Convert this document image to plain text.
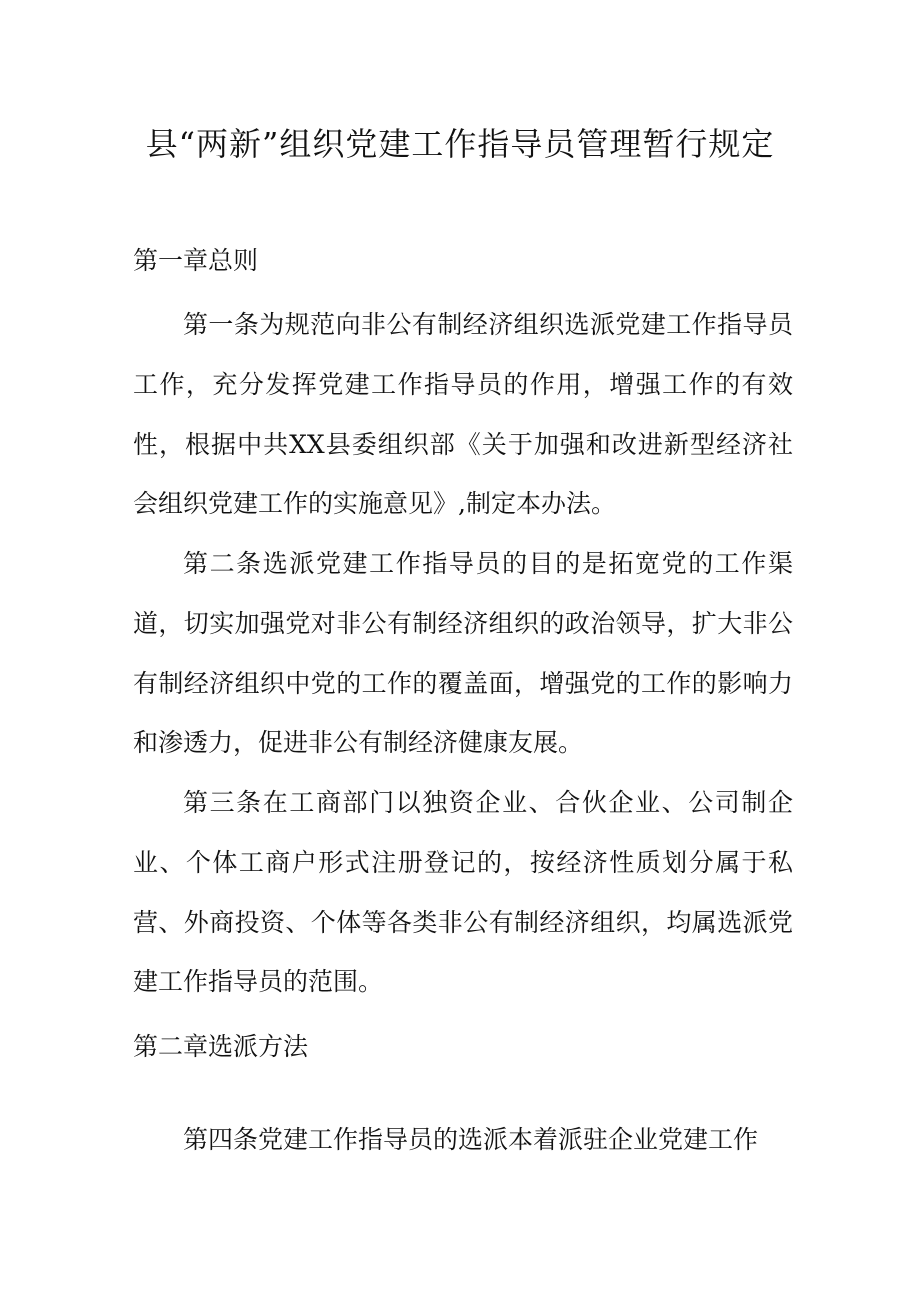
县“两新”组织党建工作指导员管理暂行规定
第一章总则

第一条为规范向非公有制经济组织选派党建工作指导员工作，充分发挥党建工作指导员的作用，增强工作的有效性，根据中共XX县委组织部《关于加强和改进新型经济社会组织党建工作的实施意见》,制定本办法。

第二条选派党建工作指导员的目的是拓宽党的工作渠道，切实加强党对非公有制经济组织的政治领导，扩大非公有制经济组织中党的工作的覆盖面，增强党的工作的影响力和渗透力，促进非公有制经济健康友展。

第三条在工商部门以独资企业、合伙企业、公司制企业、个体工商户形式注册登记的，按经济性质划分属于私营、外商投资、个体等各类非公有制经济组织，均属选派党建工作指导员的范围。

第二章选派方法

第四条党建工作指导员的选派本着派驻企业党建工作
